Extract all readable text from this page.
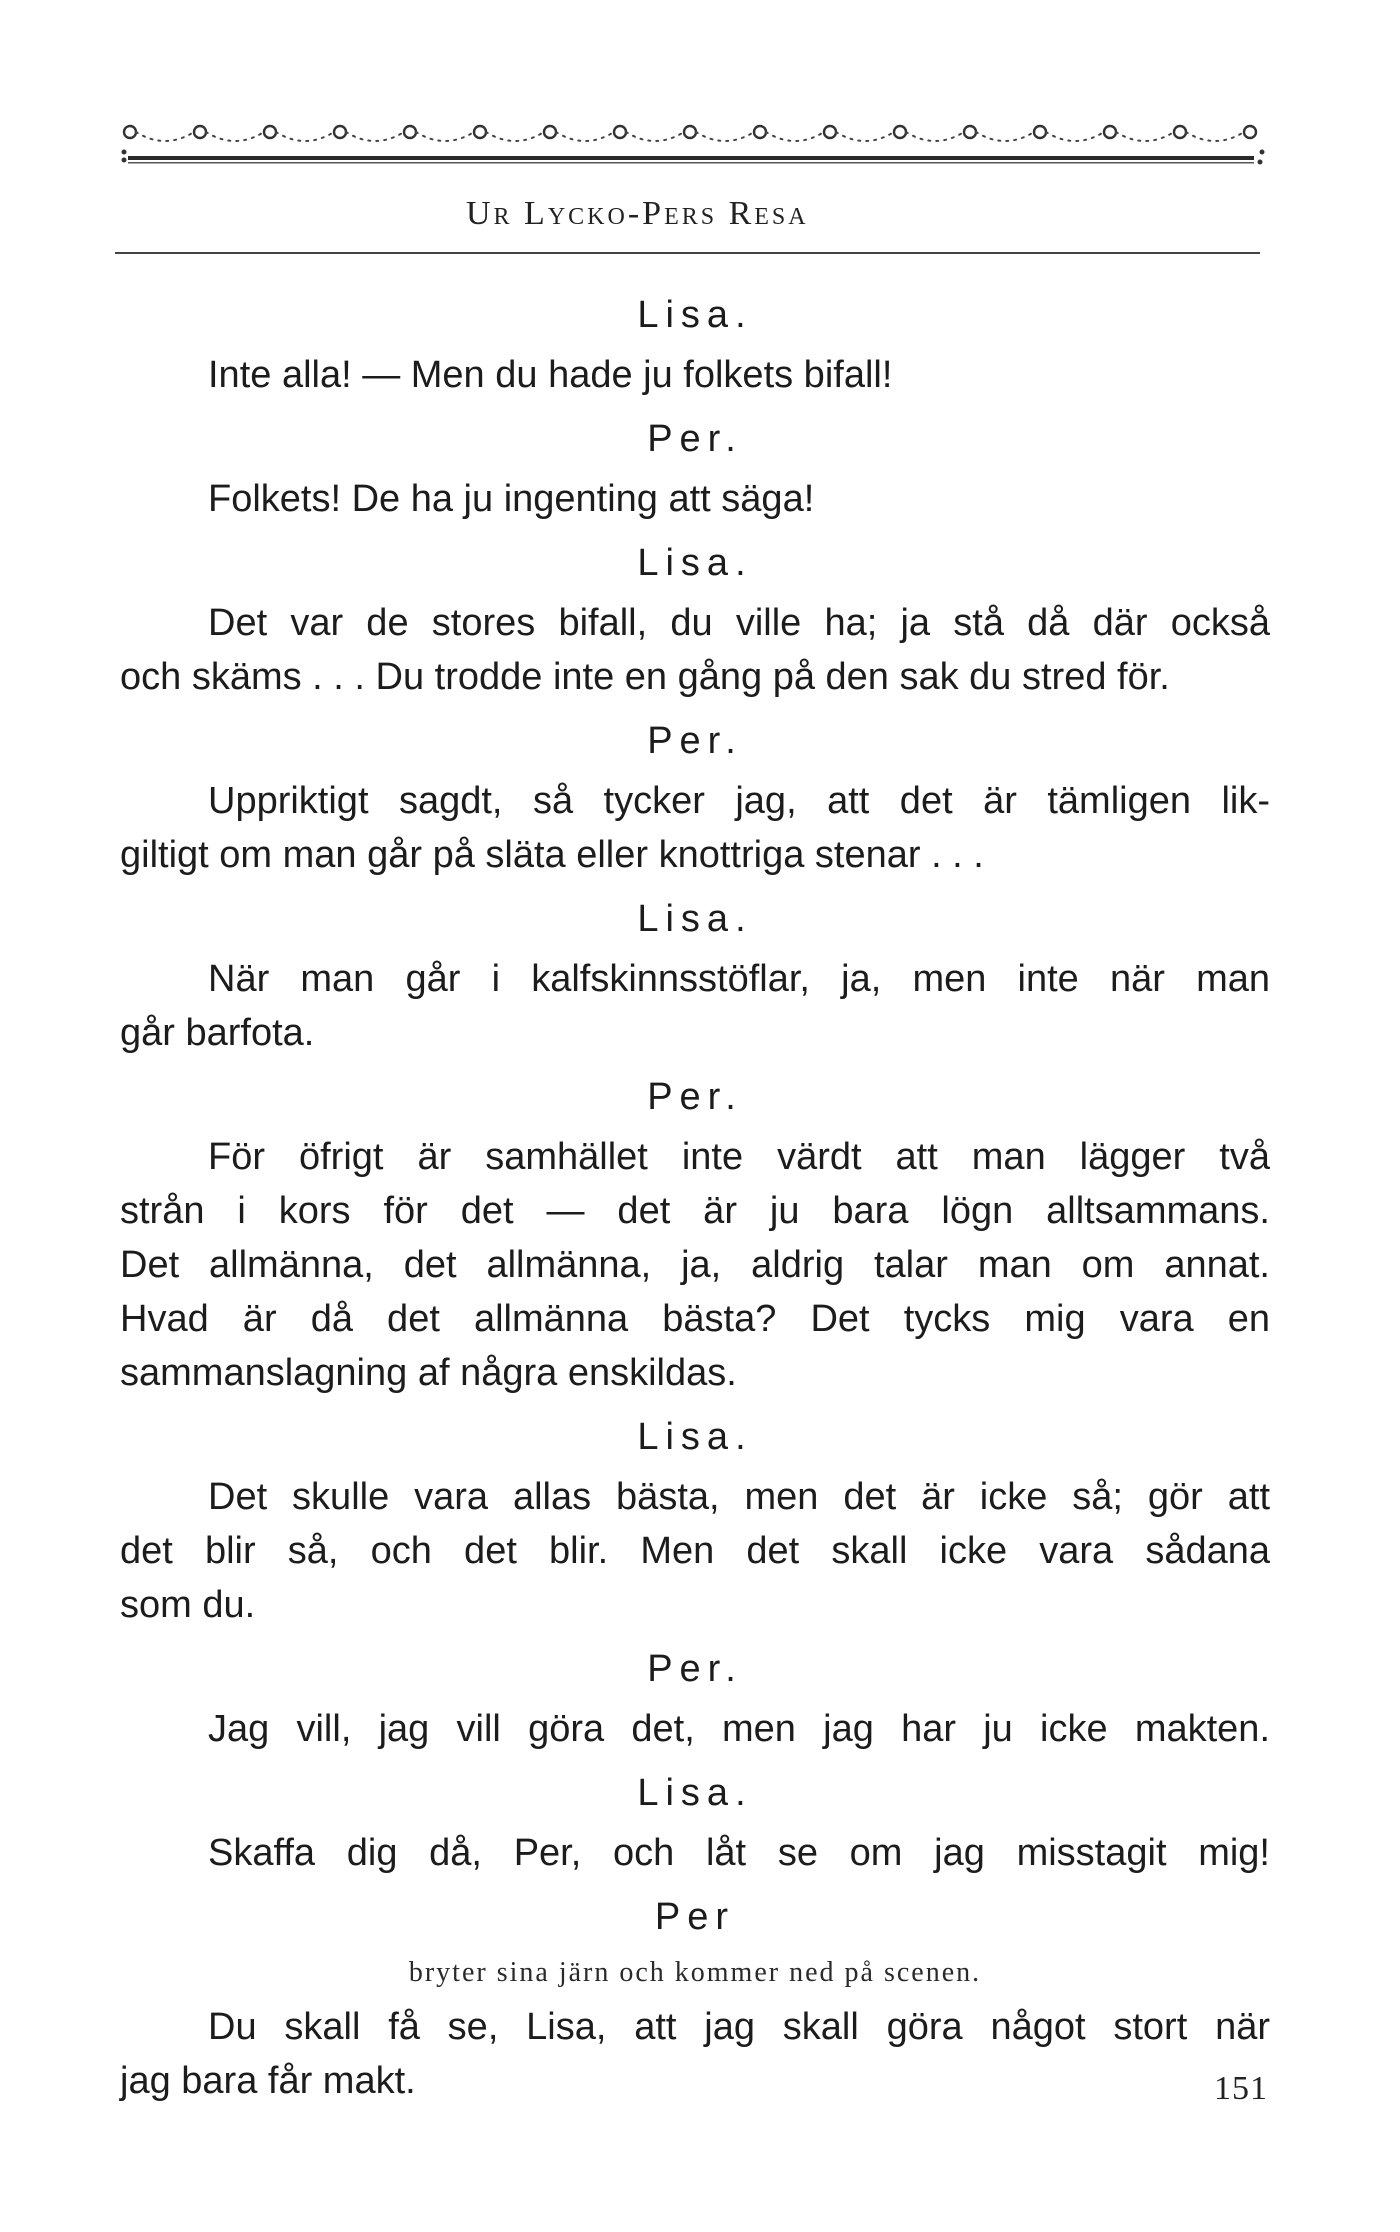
Ur Lycko-Pers Resa

Lisa.

Inte alla! — Men du hade ju folkets bifall!

Per.

Folkets! De ha ju ingenting att säga!

Lisa.

Det var de stores bifall, du ville ha; ja stå då där också

och skäms . . . Du trodde inte en gång på den sak du stred för.

Per.

Uppriktigt sagdt, så tycker jag, att det är tämligen lik-

giltigt om man går på släta eller knottriga stenar . . .

Lisa.

När man går i kalfskinnsstöflar, ja, men inte när man

går barfota.

Per.

För öfrigt är samhället inte värdt att man lägger två

strån i kors för det — det är ju bara lögn alltsammans.

Det allmänna, det allmänna, ja, aldrig talar man om annat.

Hvad är då det allmänna bästa? Det tycks mig vara en

sammanslagning af några enskildas.

Lisa.

Det skulle vara allas bästa, men det är icke så; gör att

det blir så, och det blir. Men det skall icke vara sådana

som du.

Per.

Jag vill, jag vill göra det, men jag har ju icke makten.

Lisa.

Skaffa dig då, Per, och låt se om jag misstagit mig!

Per

bryter sina järn och kommer ned på scenen.

Du skall få se, Lisa, att jag skall göra något stort när

jag bara får makt.	151
